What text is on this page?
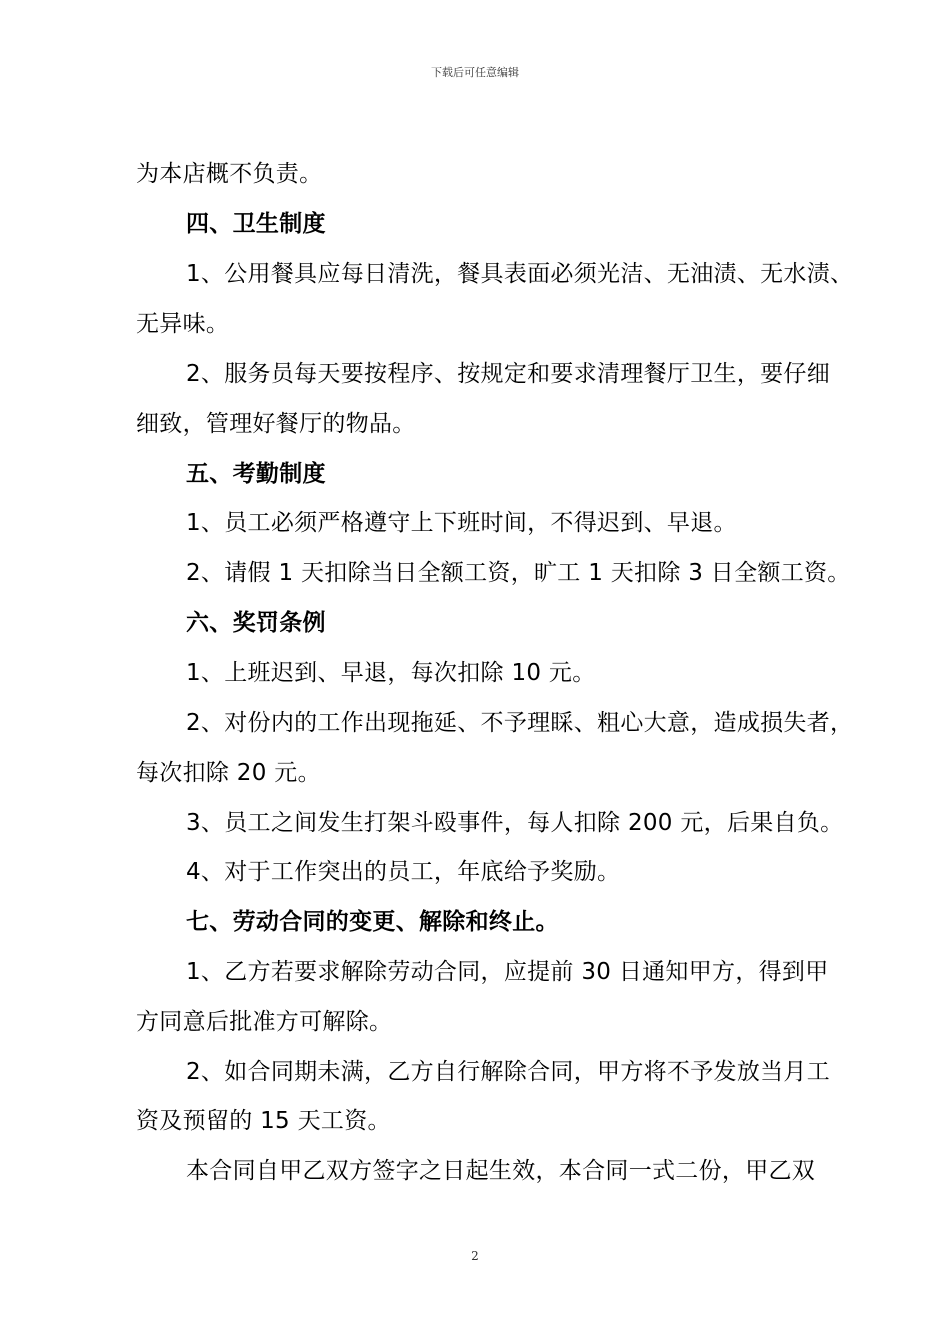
下载后可任意编辑
为本店概不负责。
四、卫生制度
1、公用餐具应每日清洗，餐具表面必须光洁、无油渍、无水渍、
无异味。
2、服务员每天要按程序、按规定和要求清理餐厅卫生，要仔细
细致，管理好餐厅的物品。
五、考勤制度
1、员工必须严格遵守上下班时间，不得迟到、早退。
2、请假 1 天扣除当日全额工资，旷工 1 天扣除 3 日全额工资。
六、奖罚条例
1、上班迟到、早退，每次扣除 10 元。
2、对份内的工作出现拖延、不予理睬、粗心大意，造成损失者，
每次扣除 20 元。
3、员工之间发生打架斗殴事件，每人扣除 200 元，后果自负。
4、对于工作突出的员工，年底给予奖励。
七、劳动合同的变更、解除和终止。
1、乙方若要求解除劳动合同，应提前 30 日通知甲方，得到甲
方同意后批准方可解除。
2、如合同期未满，乙方自行解除合同，甲方将不予发放当月工
资及预留的 15 天工资。
本合同自甲乙双方签字之日起生效，本合同一式二份，甲乙双
2
